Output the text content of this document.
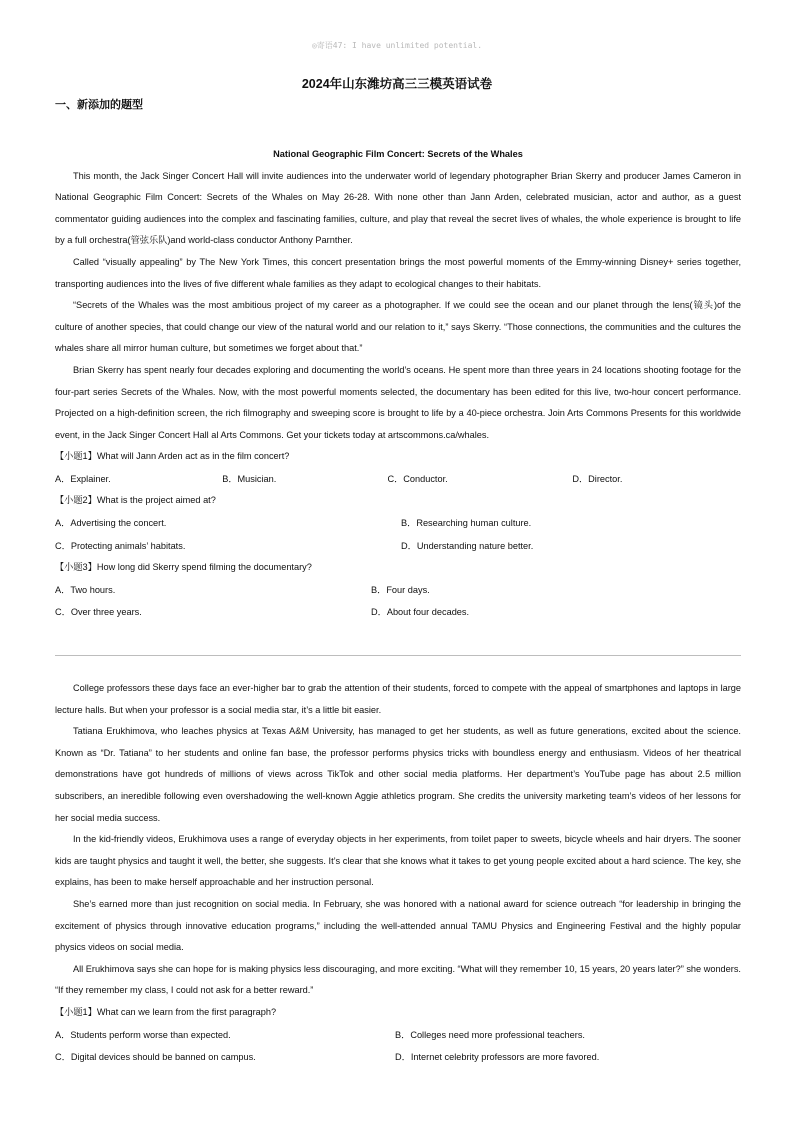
◎寄语47: I have unlimited potential.
2024年山东潍坊高三三模英语试卷
一、新添加的题型
National Geographic Film Concert: Secrets of the Whales

This month, the Jack Singer Concert Hall will invite audiences into the underwater world of legendary photographer Brian Skerry and producer James Cameron in National Geographic Film Concert: Secrets of the Whales on May 26-28. With none other than Jann Arden, celebrated musician, actor and author, as a guest commentator guiding audiences into the complex and fascinating families, culture, and play that reveal the secret lives of whales, the whole experience is brought to life by a full orchestra(管弦乐队)and world-class conductor Anthony Parnther.

Called “visually appealing” by The New York Times, this concert presentation brings the most powerful moments of the Emmy-winning Disney+ series together, transporting audiences into the lives of five different whale families as they adapt to ecological changes to their habitats.

“Secrets of the Whales was the most ambitious project of my career as a photographer. If we could see the ocean and our planet through the lens(镜头)of the culture of another species, that could change our view of the natural world and our relation to it,” says Skerry. “Those connections, the communities and the cultures the whales share all mirror human culture, but sometimes we forget about that.”

Brian Skerry has spent nearly four decades exploring and documenting the world’s oceans. He spent more than three years in 24 locations shooting footage for the four-part series Secrets of the Whales. Now, with the most powerful moments selected, the documentary has been edited for this live, two-hour concert performance. Projected on a high-definition screen, the rich filmography and sweeping score is brought to life by a 40-piece orchestra. Join Arts Commons Presents for this worldwide event, in the Jack Singer Concert Hall al Arts Commons. Get your tickets today at artscommons.ca/whales.

【小题1】What will Jann Arden act as in the film concert?
A．Explainer.	B．Musician.	C．Conductor.	D．Director.
【小题2】What is the project aimed at?
A．Advertising the concert.	B．Researching human culture.
C．Protecting animals’ habitats.	D．Understanding nature better.
【小题3】How long did Skerry spend filming the documentary?
A．Two hours.	B．Four days.
C．Over three years.	D．About four decades.

College professors these days face an ever-higher bar to grab the attention of their students, forced to compete with the appeal of smartphones and laptops in large lecture halls. But when your professor is a social media star, it’s a little bit easier.

Tatiana Erukhimova, who leaches physics at Texas A&M University, has managed to get her students, as well as future generations, excited about the science. Known as “Dr. Tatiana” to her students and online fan base, the professor performs physics tricks with boundless energy and enthusiasm. Videos of her theatrical demonstrations have got hundreds of millions of views across TikTok and other social media platforms. Her department’s YouTube page has about 2.5 million subscribers, an ineredible following even overshadowing the well-known Aggie athletics program. She credits the university marketing team’s videos of her lessons for her social media success.

In the kid-friendly videos, Erukhimova uses a range of everyday objects in her experiments, from toilet paper to sweets, bicycle wheels and hair dryers. The sooner kids are taught physics and taught it well, the better, she suggests. It’s clear that she knows what it takes to get young people excited about a hard science. The key, she explains, has been to make herself approachable and her instruction personal.

She’s earned more than just recognition on social media. In February, she was honored with a national award for science outreach “for leadership in bringing the excitement of physics through innovative education programs,” including the well-attended annual TAMU Physics and Engineering Festival and the highly popular physics videos on social media.

All Erukhimova says she can hope for is making physics less discouraging, and more exciting. “What will they remember 10, 15 years, 20 years later?” she wonders. “If they remember my class, I could not ask for a better reward.”

【小题1】What can we learn from the first paragraph?
A．Students perform worse than expected.	B．Colleges need more professional teachers.
C．Digital devices should be banned on campus.	D．Internet celebrity professors are more favored.
